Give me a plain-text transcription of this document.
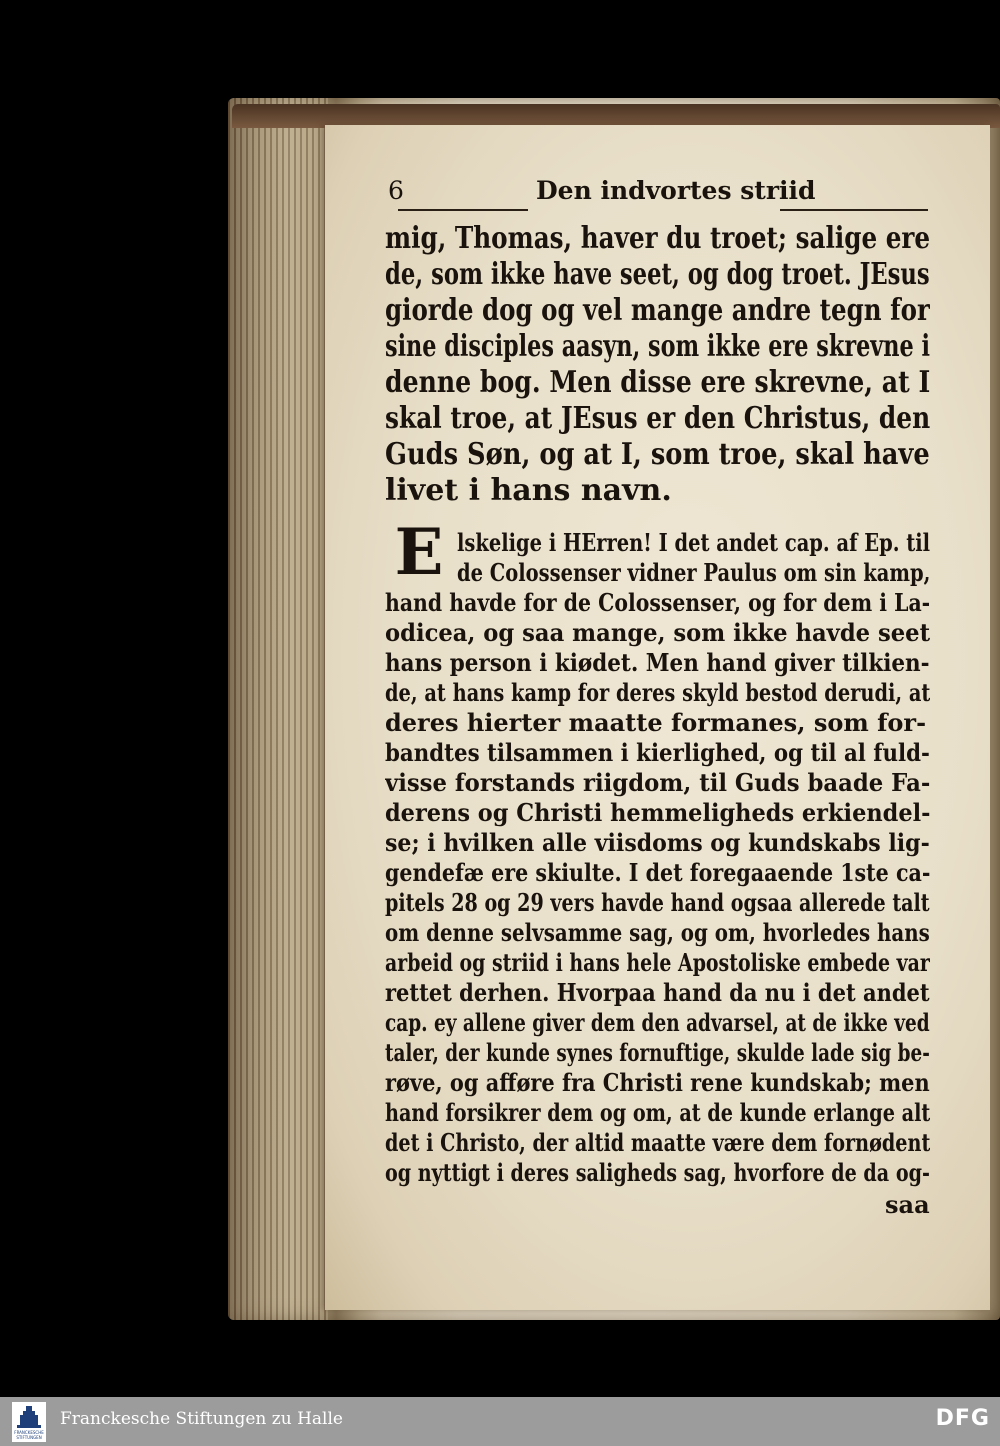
6	Den indvortes striid
mig, Thomas, haver du troet; salige ere
de, som ikke have seet, og dog troet. JEsus
giorde dog og vel mange andre tegn for
sine disciples aasyn, som ikke ere skrevne i
denne bog. Men disse ere skrevne, at I
skal troe, at JEsus er den Christus, den
Guds Søn, og at I, som troe, skal have
livet i hans navn.
E lskelige i HErren! I det andet cap. af Ep. til
de Colossenser vidner Paulus om sin kamp,
hand havde for de Colossenser, og for dem i La-
odicea, og saa mange, som ikke havde seet
hans person i kiødet. Men hand giver tilkien-
de, at hans kamp for deres skyld bestod derudi, at
deres hierter maatte formanes, som for-
bandtes tilsammen i kierlighed, og til al fuld-
visse forstands riigdom, til Guds baade Fa-
derens og Christi hemmeligheds erkiendel-
se; i hvilken alle viisdoms og kundskabs lig-
gendefæ ere skiulte. I det foregaaende 1ste ca-
pitels 28 og 29 vers havde hand ogsaa allerede talt
om denne selvsamme sag, og om, hvorledes hans
arbeid og striid i hans hele Apostoliske embede var
rettet derhen. Hvorpaa hand da nu i det andet
cap. ey allene giver dem den advarsel, at de ikke ved
taler, der kunde synes fornuftige, skulde lade sig be-
røve, og afføre fra Christi rene kundskab; men
hand forsikrer dem og om, at de kunde erlange alt
det i Christo, der altid maatte være dem fornødent
og nyttigt i deres saligheds sag, hvorfore de da og-
saa
FRANCKESCHE
STIFTUNGEN
Franckesche Stiftungen zu Halle	DFG
